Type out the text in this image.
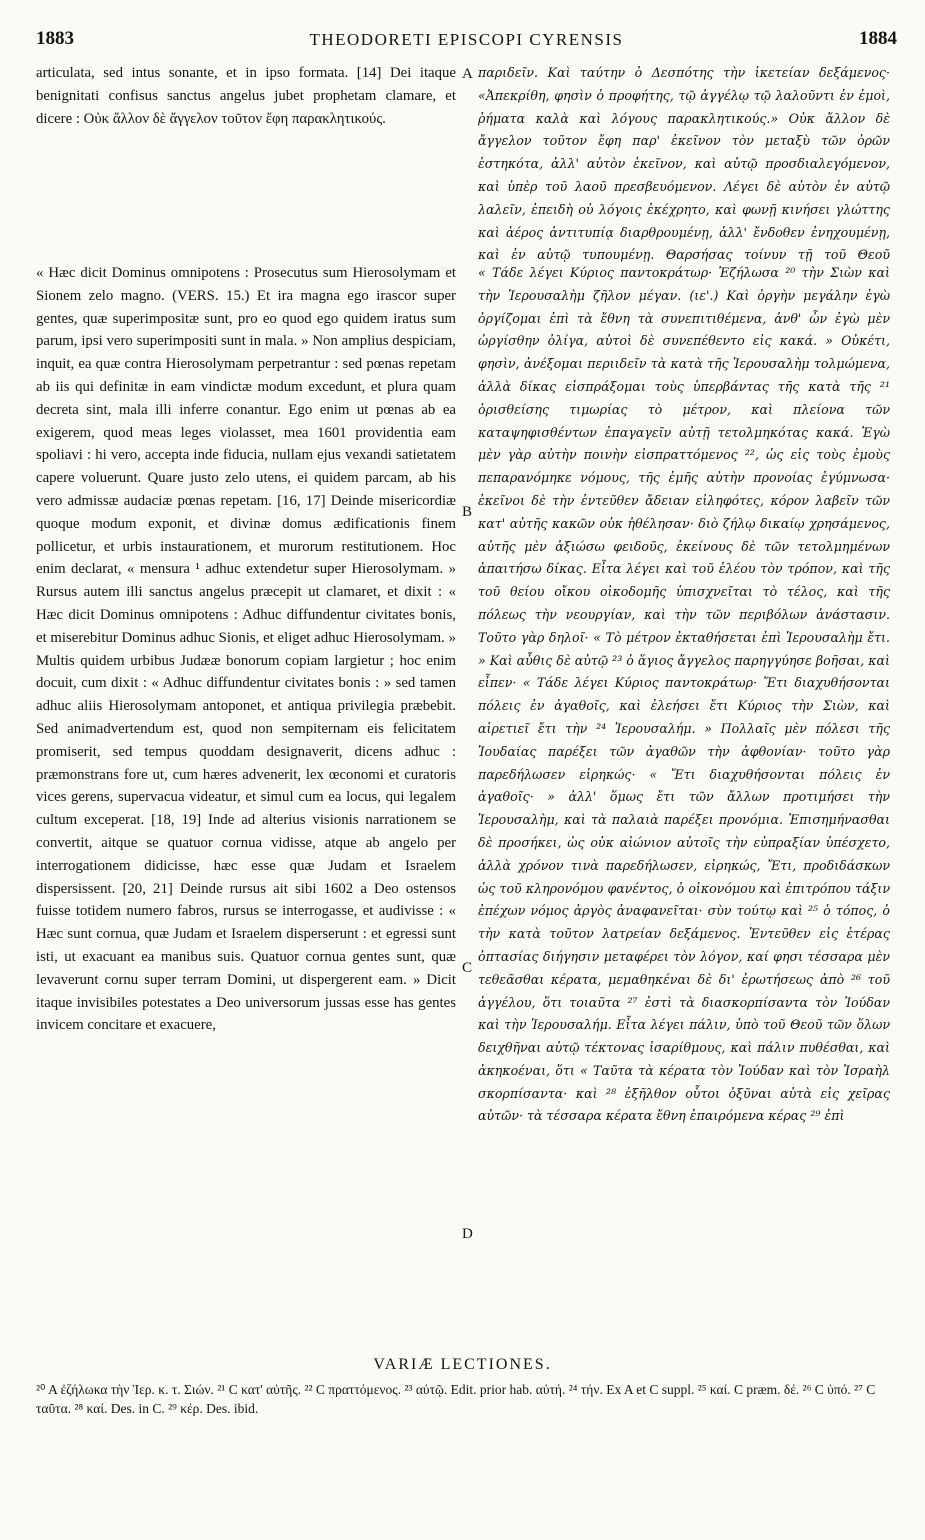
1883	THEODORETI EPISCOPI CYRENSIS	1884
articulata, sed intus sonante, et in ipso formata. [14] Dei itaque benignitati confisus sanctus angelus jubet prophetam clamare, et dicere : Οὐκ ἄλλον δὲ ἄγγελον τοῦτον ἔφη παρακλητικούς.
παριδεῖν. Καὶ ταύτην ὁ Δεσπότης τὴν ἱκετείαν δεξάμενος· «Ἀπεκρίθη, φησὶν ὁ προφήτης, τῷ ἀγγέλῳ τῷ λαλοῦντι ἐν ἐμοὶ, ῥήματα καλὰ καὶ λόγους παρακλητικούς.» Οὐκ ἄλλον δὲ ἄγγελον τοῦτον ἔφη παρ' ἐκεῖνον τὸν μεταξὺ τῶν ὀρῶν ἑστηκότα, ἀλλ' αὐτὸν ἐκεῖνον, καὶ αὐτῷ προσδιαλεγόμενον, καὶ ὑπὲρ τοῦ λαοῦ πρεσβευόμενον. Λέγει δὲ αὐτὸν ἐν αὐτῷ λαλεῖν, ἐπειδὴ οὐ λόγοις ἐκέχρητο, καὶ φωνῇ κινήσει γλώττης καὶ ἀέρος ἀντιτυπίᾳ διαρθρουμένῃ, ἀλλ' ἔνδοθεν ἐνηχουμένῃ, καὶ ἐν αὐτῷ τυπουμένῃ. Θαρσήσας τοίνυν τῇ τοῦ Θεοῦ
A
B
C
D
« Hæc dicit Dominus omnipotens : Prosecutus sum Hierosolymam et Sionem zelo magno. (VERS. 15.) Et ira magna ego irascor super gentes, quæ superimpositæ sunt, pro eo quod ego quidem iratus sum parum, ipsi vero superimpositi sunt in mala. » Non amplius despiciam, inquit, ea quæ contra Hierosolymam perpetrantur : sed pœnas repetam ab iis qui definitæ in eam vindictæ modum excedunt, et plura quam decreta sint, mala illi inferre conantur. Ego enim ut pœnas ab ea exigerem, quod meas leges violasset, mea 1601 providentia eam spoliavi : hi vero, accepta inde fiducia, nullam ejus vexandi satietatem capere voluerunt. Quare justo zelo utens, ei quidem parcam, ab his vero admissæ audaciæ pœnas repetam. [16, 17] Deinde misericordiæ quoque modum exponit, et divinæ domus ædificationis finem pollicetur, et urbis instaurationem, et murorum restitutionem. Hoc enim declarat, « mensura ¹ adhuc extendetur super Hierosolymam. » Rursus autem illi sanctus angelus præcepit ut clamaret, et dixit : « Hæc dicit Dominus omnipotens : Adhuc diffundentur civitates bonis, et miserebitur Dominus adhuc Sionis, et eliget adhuc Hierosolymam. » Multis quidem urbibus Judææ bonorum copiam largietur ; hoc enim docuit, cum dixit : « Adhuc diffundentur civitates bonis : » sed tamen adhuc aliis Hierosolymam antoponet, et antiqua privilegia præbebit. Sed animadvertendum est, quod non sempiternam eis felicitatem promiserit, sed tempus quoddam designaverit, dicens adhuc : præmonstrans fore ut, cum hæres advenerit, lex œconomi et curatoris vices gerens, supervacua videatur, et simul cum ea locus, qui legalem cultum exceperat. [18, 19] Inde ad alterius visionis narrationem se convertit, aitque se quatuor cornua vidisse, atque ab angelo per interrogationem didicisse, hæc esse quæ Judam et Israelem dispersissent. [20, 21] Deinde rursus ait sibi 1602 a Deo ostensos fuisse totidem numero fabros, rursus se interrogasse, et audivisse : « Hæc sunt cornua, quæ Judam et Israelem disperserunt : et egressi sunt isti, ut exacuant ea manibus suis. Quatuor cornua gentes sunt, quæ levaverunt cornu super terram Domini, ut dispergerent eam. » Dicit itaque invisibiles potestates a Deo universorum jussas esse has gentes invicem concitare et exacuere,
« Τάδε λέγει Κύριος παντοκράτωρ· Ἐζήλωσα ²⁰ τὴν Σιὼν καὶ τὴν Ἱερουσαλὴμ ζῆλον μέγαν. (ιε'.) Καὶ ὀργὴν μεγάλην ἐγὼ ὀργίζομαι ἐπὶ τὰ ἔθνη τὰ συνεπιτιθέμενα, ἀνθ' ὧν ἐγὼ μὲν ὠργίσθην ὀλίγα, αὐτοὶ δὲ συνεπέθεντο εἰς κακά. » Οὐκέτι, φησὶν, ἀνέξομαι περιιδεῖν τὰ κατὰ τῆς Ἱερουσαλὴμ τολμώμενα, ἀλλὰ δίκας εἰσπράξομαι τοὺς ὑπερβάντας τῆς κατὰ τῆς ²¹ ὁρισθείσης τιμωρίας τὸ μέτρον, καὶ πλείονα τῶν καταψηφισθέντων ἐπαγαγεῖν αὐτῇ τετολμηκότας κακά. Ἐγὼ μὲν γὰρ αὐτὴν ποινὴν εἰσπραττόμενος ²², ὡς εἰς τοὺς ἐμοὺς πεπαρανόμηκε νόμους, τῆς ἐμῆς αὐτὴν προνοίας ἐγύμνωσα· ἐκεῖνοι δὲ τὴν ἐντεῦθεν ἄδειαν εἰληφότες, κόρον λαβεῖν τῶν κατ' αὐτῆς κακῶν οὐκ ἠθέλησαν· διὸ ζήλῳ δικαίῳ χρησάμενος, αὐτῆς μὲν ἀξιώσω φειδοῦς, ἐκείνους δὲ τῶν τετολμημένων ἀπαιτήσω δίκας. Εἶτα λέγει καὶ τοῦ ἐλέου τὸν τρόπον, καὶ τῆς τοῦ θείου οἴκου οἰκοδομῆς ὑπισχνεῖται τὸ τέλος, καὶ τῆς πόλεως τὴν νεουργίαν, καὶ τὴν τῶν περιβόλων ἀνάστασιν. Τοῦτο γὰρ δηλοῖ· « Τὸ μέτρον ἐκταθήσεται ἐπὶ Ἱερουσαλὴμ ἔτι. » Καὶ αὖθις δὲ αὐτῷ ²³ ὁ ἅγιος ἄγγελος παρηγγύησε βοῆσαι, καὶ εἶπεν· « Τάδε λέγει Κύριος παντοκράτωρ· Ἔτι διαχυθήσονται πόλεις ἐν ἀγαθοῖς, καὶ ἐλεήσει ἔτι Κύριος τὴν Σιὼν, καὶ αἱρετιεῖ ἔτι τὴν ²⁴ Ἱερουσαλήμ. » Πολλαῖς μὲν πόλεσι τῆς Ἰουδαίας παρέξει τῶν ἀγαθῶν τὴν ἀφθονίαν· τοῦτο γὰρ παρεδήλωσεν εἰρηκώς· « Ἔτι διαχυθήσονται πόλεις ἐν ἀγαθοῖς· » ἀλλ' ὅμως ἔτι τῶν ἄλλων προτιμήσει τὴν Ἱερουσαλὴμ, καὶ τὰ παλαιὰ παρέξει προνόμια. Ἐπισημήνασθαι δὲ προσήκει, ὡς οὐκ αἰώνιον αὐτοῖς τὴν εὐπραξίαν ὑπέσχετο, ἀλλὰ χρόνον τινὰ παρεδήλωσεν, εἰρηκώς, Ἔτι, προδιδάσκων ὡς τοῦ κληρονόμου φανέντος, ὁ οἰκονόμου καὶ ἐπιτρόπου τάξιν ἐπέχων νόμος ἀργὸς ἀναφανεῖται· σὺν τούτῳ καὶ ²⁵ ὁ τόπος, ὁ τὴν κατὰ τοῦτον λατρείαν δεξάμενος. Ἐντεῦθεν εἰς ἑτέρας ὀπτασίας διήγησιν μεταφέρει τὸν λόγον, καί φησι τέσσαρα μὲν τεθεᾶσθαι κέρατα, μεμαθηκέναι δὲ δι' ἐρωτήσεως ἀπὸ ²⁶ τοῦ ἀγγέλου, ὅτι τοιαῦτα ²⁷ ἐστὶ τὰ διασκορπίσαντα τὸν Ἰούδαν καὶ τὴν Ἱερουσαλήμ. Εἶτα λέγει πάλιν, ὑπὸ τοῦ Θεοῦ τῶν ὅλων δειχθῆναι αὐτῷ τέκτονας ἰσαρίθμους, καὶ πάλιν πυθέσθαι, καὶ ἀκηκοέναι, ὅτι « Ταῦτα τὰ κέρατα τὸν Ἰούδαν καὶ τὸν Ἰσραὴλ σκορπίσαντα· καὶ ²⁸ ἐξῆλθον οὗτοι ὀξῦναι αὐτὰ εἰς χεῖρας αὐτῶν· τὰ τέσσαρα κέρατα ἔθνη ἐπαιρόμενα κέρας ²⁹ ἐπὶ
VARIÆ LECTIONES.
²⁰ A ἐζήλωκα τὴν Ἱερ. κ. τ. Σιών. ²¹ C κατ' αὐτῆς. ²² C πραττόμενος. ²³ αὐτῷ. Edit. prior hab. αὐτή. ²⁴ τήν. Ex A et C suppl. ²⁵ καί. C præm. δέ. ²⁶ C ὑπό. ²⁷ C ταῦτα. ²⁸ καί. Des. in C. ²⁹ κέρ. Des. ibid.
